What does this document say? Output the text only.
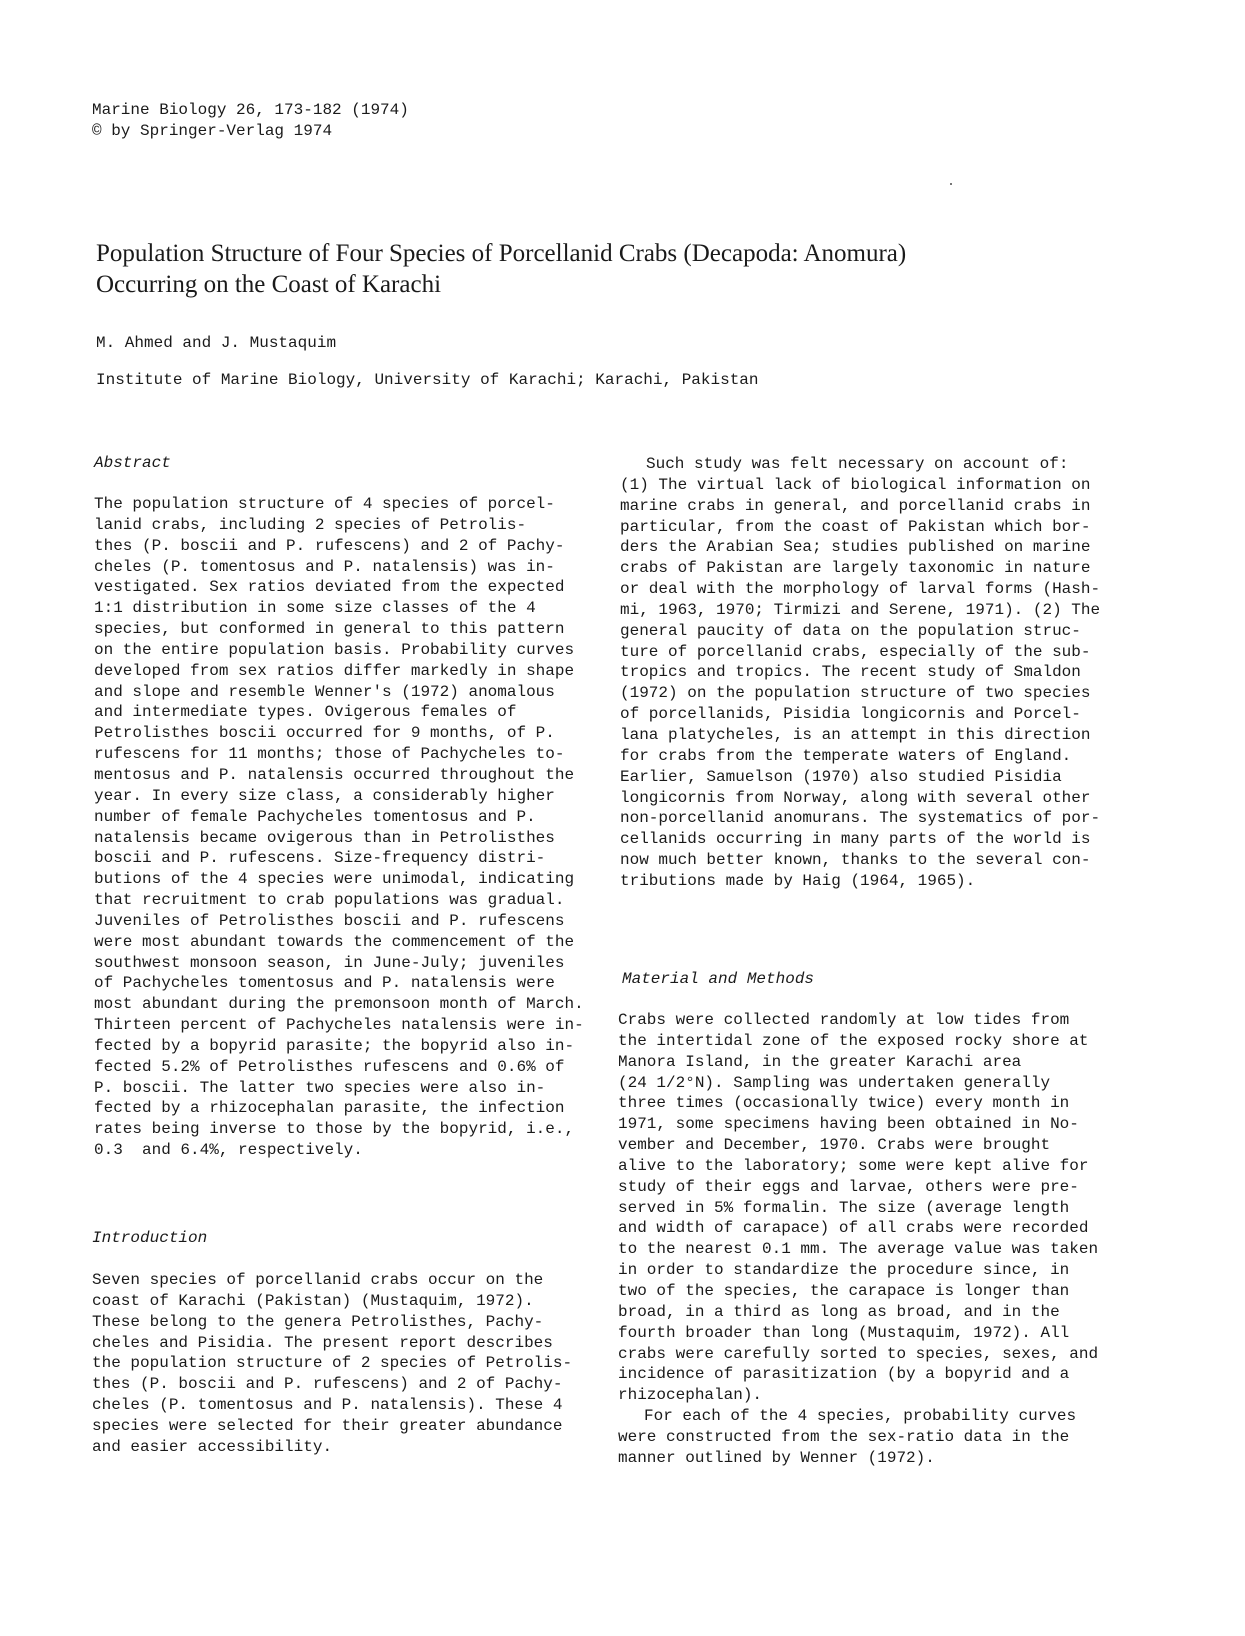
Marine Biology 26, 173-182 (1974)
© by Springer-Verlag 1974
Population Structure of Four Species of Porcellanid Crabs (Decapoda: Anomura)
Occurring on the Coast of Karachi
M. Ahmed and J. Mustaquim
Institute of Marine Biology, University of Karachi; Karachi, Pakistan
Abstract
The population structure of 4 species of porcel-
lanid crabs, including 2 species of Petrolis-
thes (P. boscii and P. rufescens) and 2 of Pachy-
cheles (P. tomentosus and P. natalensis) was in-
vestigated. Sex ratios deviated from the expected
1:1 distribution in some size classes of the 4
species, but conformed in general to this pattern
on the entire population basis. Probability curves
developed from sex ratios differ markedly in shape
and slope and resemble Wenner's (1972) anomalous
and intermediate types. Ovigerous females of
Petrolisthes boscii occurred for 9 months, of P.
rufescens for 11 months; those of Pachycheles to-
mentosus and P. natalensis occurred throughout the
year. In every size class, a considerably higher
number of female Pachycheles tomentosus and P.
natalensis became ovigerous than in Petrolisthes
boscii and P. rufescens. Size-frequency distri-
butions of the 4 species were unimodal, indicating
that recruitment to crab populations was gradual.
Juveniles of Petrolisthes boscii and P. rufescens
were most abundant towards the commencement of the
southwest monsoon season, in June-July; juveniles
of Pachycheles tomentosus and P. natalensis were
most abundant during the premonsoon month of March.
Thirteen percent of Pachycheles natalensis were in-
fected by a bopyrid parasite; the bopyrid also in-
fected 5.2% of Petrolisthes rufescens and 0.6% of
P. boscii. The latter two species were also in-
fected by a rhizocephalan parasite, the infection
rates being inverse to those by the bopyrid, i.e.,
0.3  and 6.4%, respectively.
Introduction
Seven species of porcellanid crabs occur on the
coast of Karachi (Pakistan) (Mustaquim, 1972).
These belong to the genera Petrolisthes, Pachy-
cheles and Pisidia. The present report describes
the population structure of 2 species of Petrolis-
thes (P. boscii and P. rufescens) and 2 of Pachy-
cheles (P. tomentosus and P. natalensis). These 4
species were selected for their greater abundance
and easier accessibility.
Such study was felt necessary on account of:
(1) The virtual lack of biological information on
marine crabs in general, and porcellanid crabs in
particular, from the coast of Pakistan which bor-
ders the Arabian Sea; studies published on marine
crabs of Pakistan are largely taxonomic in nature
or deal with the morphology of larval forms (Hash-
mi, 1963, 1970; Tirmizi and Serene, 1971). (2) The
general paucity of data on the population struc-
ture of porcellanid crabs, especially of the sub-
tropics and tropics. The recent study of Smaldon
(1972) on the population structure of two species
of porcellanids, Pisidia longicornis and Porcel-
lana platycheles, is an attempt in this direction
for crabs from the temperate waters of England.
Earlier, Samuelson (1970) also studied Pisidia
longicornis from Norway, along with several other
non-porcellanid anomurans. The systematics of por-
cellanids occurring in many parts of the world is
now much better known, thanks to the several con-
tributions made by Haig (1964, 1965).
Material and Methods
Crabs were collected randomly at low tides from
the intertidal zone of the exposed rocky shore at
Manora Island, in the greater Karachi area
(24 1/2°N). Sampling was undertaken generally
three times (occasionally twice) every month in
1971, some specimens having been obtained in No-
vember and December, 1970. Crabs were brought
alive to the laboratory; some were kept alive for
study of their eggs and larvae, others were pre-
served in 5% formalin. The size (average length
and width of carapace) of all crabs were recorded
to the nearest 0.1 mm. The average value was taken
in order to standardize the procedure since, in
two of the species, the carapace is longer than
broad, in a third as long as broad, and in the
fourth broader than long (Mustaquim, 1972). All
crabs were carefully sorted to species, sexes, and
incidence of parasitization (by a bopyrid and a
rhizocephalan).
For each of the 4 species, probability curves
were constructed from the sex-ratio data in the
manner outlined by Wenner (1972).
